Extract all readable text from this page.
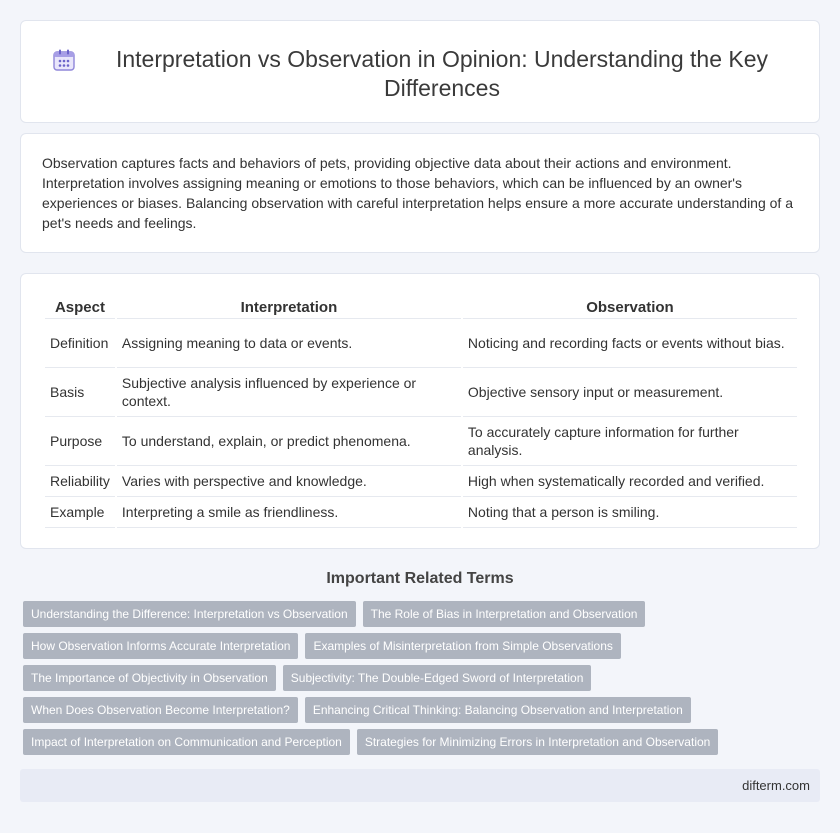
Interpretation vs Observation in Opinion: Understanding the Key Differences

Observation captures facts and behaviors of pets, providing objective data about their actions and environment. Interpretation involves assigning meaning or emotions to those behaviors, which can be influenced by an owner's experiences or biases. Balancing observation with careful interpretation helps ensure a more accurate understanding of a pet's needs and feelings.

Aspect	Interpretation	Observation
Definition	Assigning meaning to data or events.	Noticing and recording facts or events without bias.
Basis	Subjective analysis influenced by experience or context.	Objective sensory input or measurement.
Purpose	To understand, explain, or predict phenomena.	To accurately capture information for further analysis.
Reliability	Varies with perspective and knowledge.	High when systematically recorded and verified.
Example	Interpreting a smile as friendliness.	Noting that a person is smiling.
Important Related Terms
Understanding the Difference: Interpretation vs Observation	The Role of Bias in Interpretation and Observation
How Observation Informs Accurate Interpretation	Examples of Misinterpretation from Simple Observations
The Importance of Objectivity in Observation	Subjectivity: The Double-Edged Sword of Interpretation
When Does Observation Become Interpretation?	Enhancing Critical Thinking: Balancing Observation and Interpretation
Impact of Interpretation on Communication and Perception	Strategies for Minimizing Errors in Interpretation and Observation
difterm.com
